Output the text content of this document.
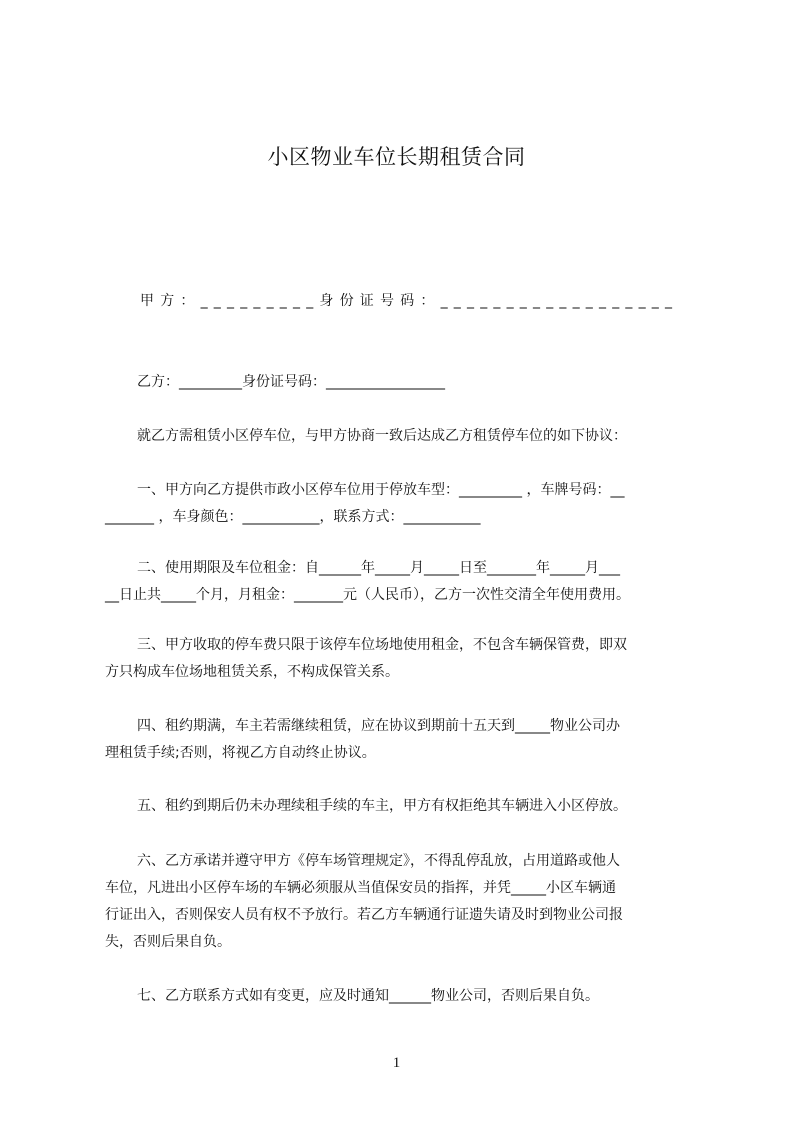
小区物业车位长期租赁合同

甲方：_________身份证号码：__________________

乙方：_________身份证号码：_________________

就乙方需租赁小区停车位，与甲方协商一致后达成乙方租赁停车位的如下协议：

一、甲方向乙方提供市政小区停车位用于停放车型：_________ ，车牌号码：__

_______ ，车身颜色：___________，联系方式：___________

二、使用期限及车位租金：自______年_____月_____日至_______年_____月___

__日止共_____个月，月租金：_______元（人民币），乙方一次性交清全年使用费用。

三、甲方收取的停车费只限于该停车位场地使用租金，不包含车辆保管费，即双

方只构成车位场地租赁关系，不构成保管关系。

四、租约期满，车主若需继续租赁，应在协议到期前十五天到_____物业公司办

理租赁手续;否则，将视乙方自动终止协议。

五、租约到期后仍未办理续租手续的车主，甲方有权拒绝其车辆进入小区停放。

六、乙方承诺并遵守甲方《停车场管理规定》，不得乱停乱放，占用道路或他人

车位，凡进出小区停车场的车辆必须服从当值保安员的指挥，并凭_____小区车辆通

行证出入，否则保安人员有权不予放行。若乙方车辆通行证遗失请及时到物业公司报

失，否则后果自负。

七、乙方联系方式如有变更，应及时通知______物业公司，否则后果自负。

1
